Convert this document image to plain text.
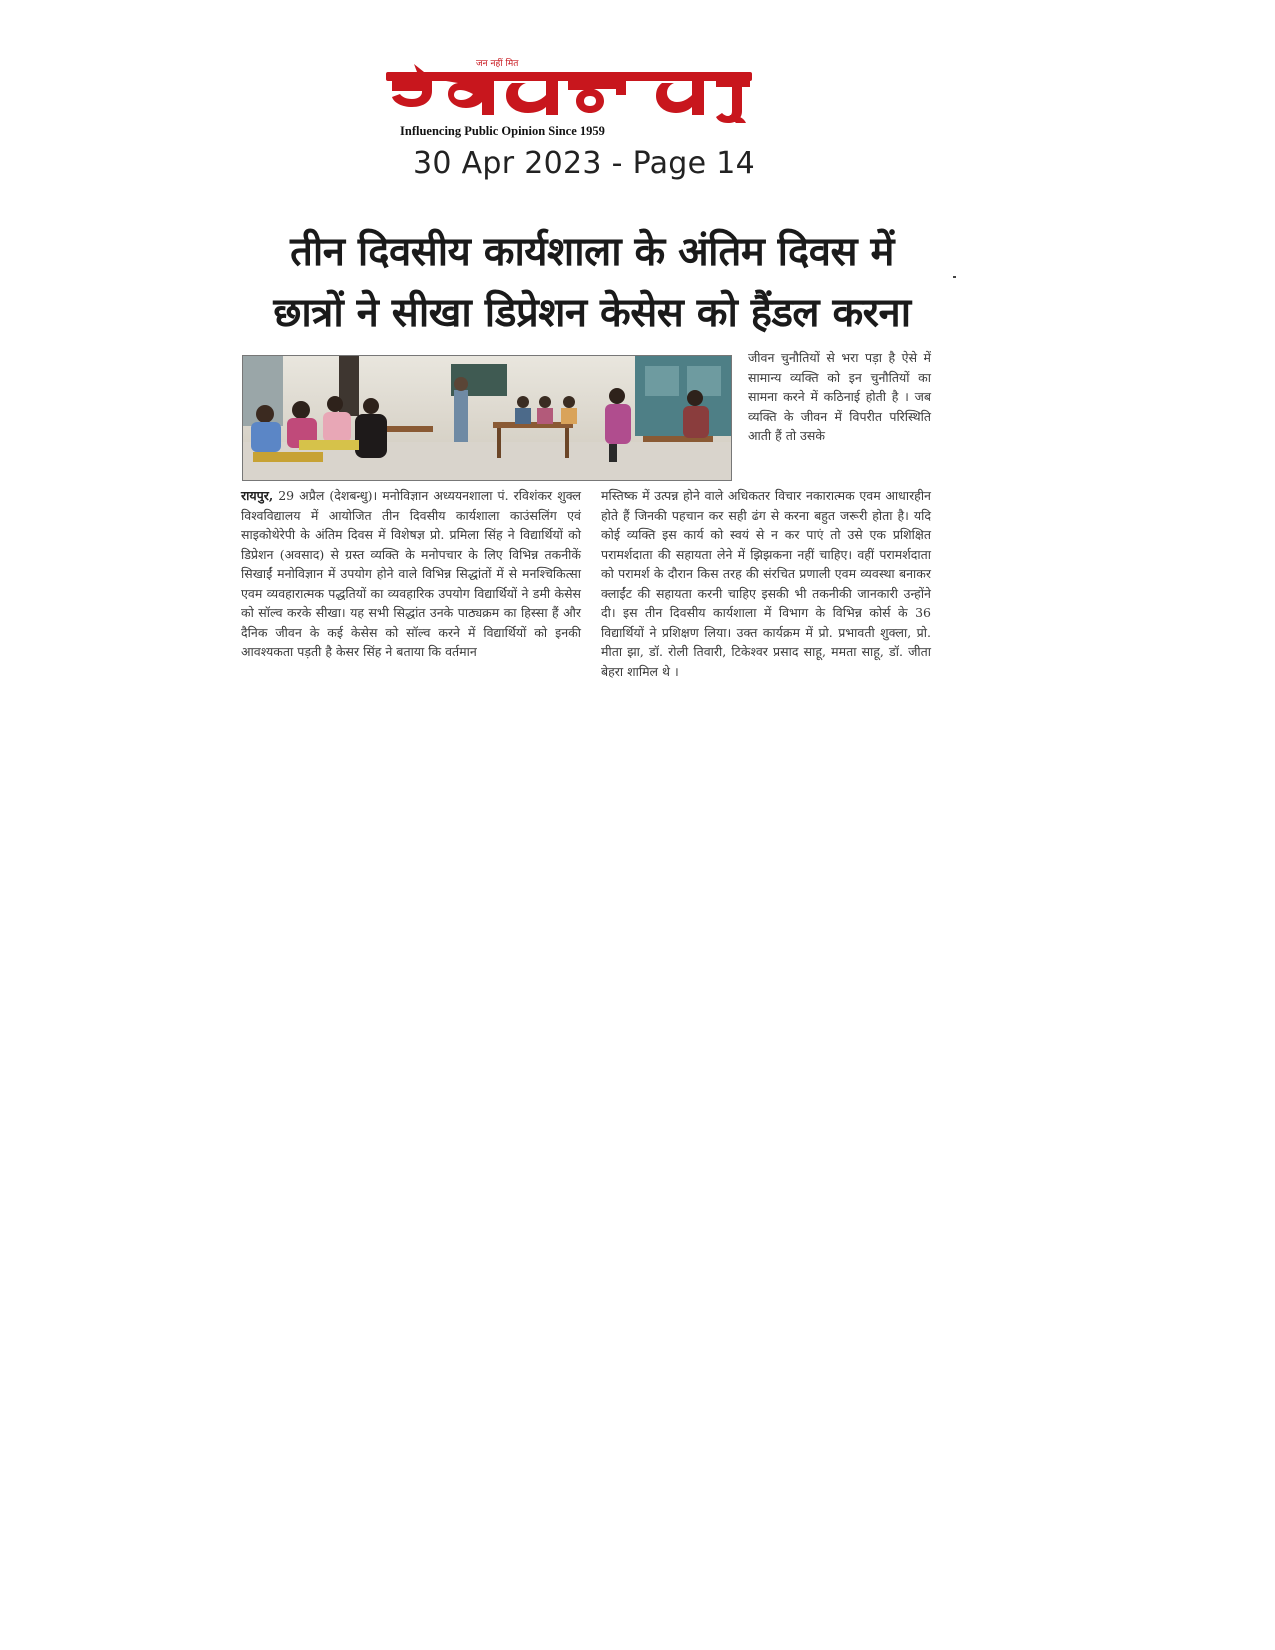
जन नहीं मित
Influencing Public Opinion Since 1959
30 Apr 2023 - Page 14
तीन दिवसीय कार्यशाला के अंतिम दिवस में
छात्रों ने सीखा डिप्रेशन केसेस को हैंडल करना
जीवन चुनौतियों से भरा पड़ा है ऐसे में सामान्य व्यक्ति को इन चुनौतियों का सामना करने में कठिनाई होती है । जब व्यक्ति के जीवन में विपरीत परिस्थिति आती हैं तो उसके
रायपुर, 29 अप्रैल (देशबन्धु)। मनोविज्ञान अध्ययनशाला पं. रविशंकर शुक्ल विश्वविद्यालय में आयोजित तीन दिवसीय कार्यशाला काउंसलिंग एवं साइकोथेरेपी के अंतिम दिवस में विशेषज्ञ प्रो. प्रमिला सिंह ने विद्यार्थियों को डिप्रेशन (अवसाद) से ग्रस्त व्यक्ति के मनोपचार के लिए विभिन्न तकनीकें सिखाईं मनोविज्ञान में उपयोग होने वाले विभिन्न सिद्धांतों में से मनश्चिकित्सा एवम व्यवहारात्मक पद्धतियों का व्यवहारिक उपयोग विद्यार्थियों ने डमी केसेस को सॉल्व करके सीखा। यह सभी सिद्धांत उनके पाठ्यक्रम का हिस्सा हैं और दैनिक जीवन के कई केसेस को सॉल्व करने में विद्यार्थियों को इनकी आवश्यकता पड़ती है केसर सिंह ने बताया कि वर्तमान
मस्तिष्क में उत्पन्न होने वाले अधिकतर विचार नकारात्मक एवम आधारहीन होते हैं जिनकी पहचान कर सही ढंग से करना बहुत जरूरी होता है। यदि कोई व्यक्ति इस कार्य को स्वयं से न कर पाएं तो उसे एक प्रशिक्षित परामर्शदाता की सहायता लेने में झिझकना नहीं चाहिए। वहीं परामर्शदाता को परामर्श के दौरान किस तरह की संरचित प्रणाली एवम व्यवस्था बनाकर क्लाईंट की सहायता करनी चाहिए इसकी भी तकनीकी जानकारी उन्होंने दी। इस तीन दिवसीय कार्यशाला में विभाग के विभिन्न कोर्स के 36 विद्यार्थियों ने प्रशिक्षण लिया। उक्त कार्यक्रम में प्रो. प्रभावती शुक्ला, प्रो. मीता झा, डॉ. रोली तिवारी, टिकेश्वर प्रसाद साहू, ममता साहू, डॉ. जीता बेहरा शामिल थे ।
